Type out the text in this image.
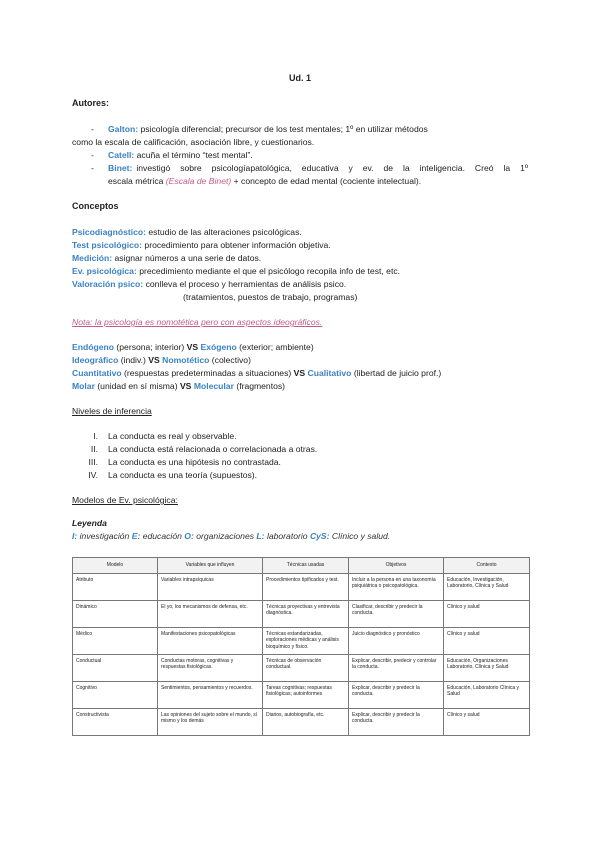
Ud. 1
Autores:
- Galton: psicología diferencial; precursor de los test mentales; 1º en utilizar métodos
como la escala de calificación, asociación libre, y cuestionarios.
- Catell: acuña el término “test mental”.
- Binet: investigó sobre psicologíapatológica, educativa y ev. de la inteligencia. Creó la 1º
escala métrica (Escala de Binet) + concepto de edad mental (cociente intelectual).
Conceptos
Psicodiagnóstico: estudio de las alteraciones psicológicas.
Test psicológico: procedimiento para obtener información objetiva.
Medición: asignar números a una serie de datos.
Ev. psicológica: precedimiento mediante el que el psicólogo recopila info de test, etc.
Valoración psico: conlleva el proceso y herramientas de análisis psico.
(tratamientos, puestos de trabajo, programas)
Nota: la psicología es nomotética pero con aspectos ideográficos.
Endógeno (persona; interior) VS Exógeno (exterior; ambiente)
Ideográfico (indiv.) VS Nomotético (colectivo)
Cuantitativo (respuestas predeterminadas a situaciones) VS Cualitativo (libertad de juicio prof.)
Molar (unidad en sí misma) VS Molecular (fragmentos)
Niveles de inferencia
I. La conducta es real y observable.
II. La conducta está relacionada o correlacionada a otras.
III. La conducta es una hipótesis no contrastada.
IV. La conducta es una teoría (supuestos).
Modelos de Ev. psicológica:
Leyenda
I: investigación E: educación O: organizaciones L: laboratorio CyS: Clínico y salud.
Modelo	Variables que influyen	Técnicas usadas	Objetivos	Contexto
Atributo	Variables intrapsíquicas	Procedimientos tipificados y test.	Incluir a la persona en una taxonomía psiquiátrica o psicopatológica.	Educación, Investigación, Laboratorio, Clínica y Salud
Dinámico	El yo, los mecanismos de defensa, etc.	Técnicas proyectivas y entrevista diagnóstica.	Clasificar, describir y predecir la conducta.	Clínico y salud
Médico	Manifestaciones psicopatológicas	Técnicas estandarizadas, exploraciones médicas y análisis bioquímico y físico.	Juicio diagnóstico y pronóstico	Clínico y salud
Conductual	Conductas motoras, cognitivas y respuestas fisiológicas.	Técnicas de observación conductual.	Explicar, describir, predecir y controlar la conducta.	Educación, Organizaciones Laboratorio, Clínica y Salud
Cognitivo	Sentimientos, pensamientos y recuerdos.	Tareas cognitivas; respuestas fisiológicas; autoinformes	Explicar, describir y predecir la conducta.	Educación, Laboratorio Clínica y Salud
Constructivista	Las opiniones del sujeto sobre el mundo, sí mismo y los demás	Diarios, autobiografía, etc.	Explicar, describir y predecir la conducta.	Clínico y salud
